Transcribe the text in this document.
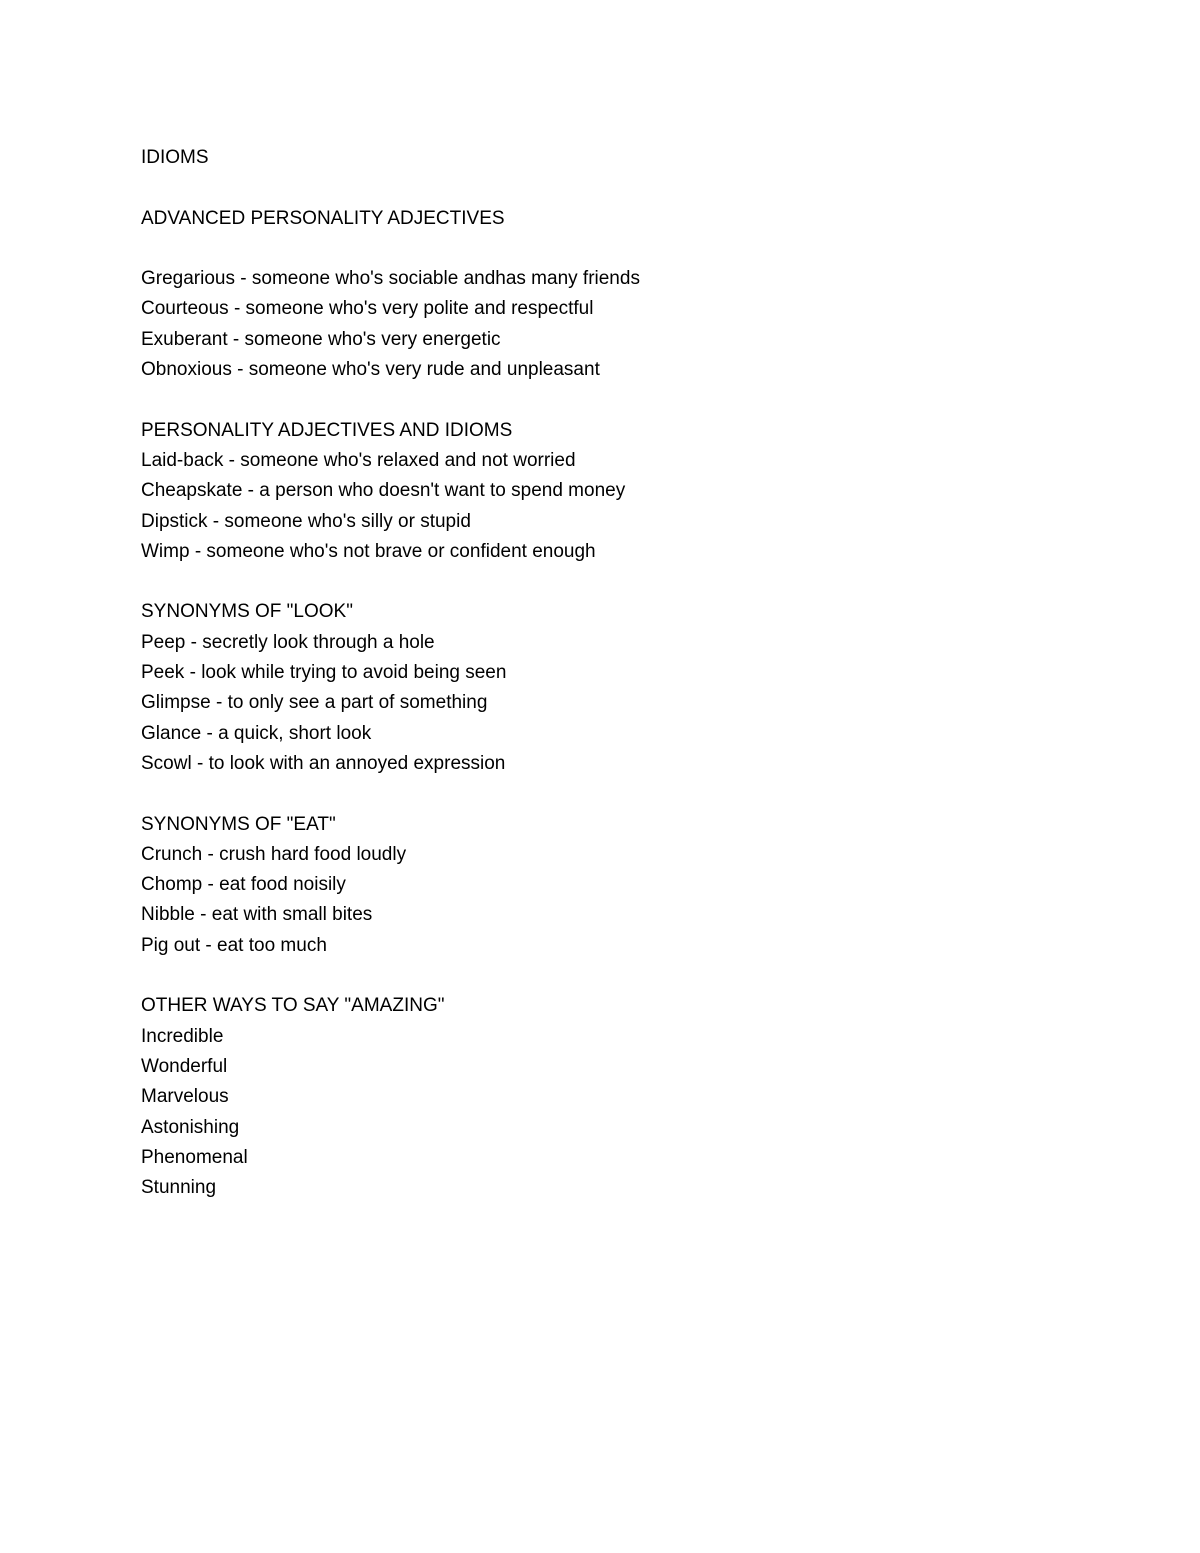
IDIOMS
ADVANCED PERSONALITY ADJECTIVES
Gregarious - someone who's sociable andhas many friends
Courteous - someone who's very polite and respectful
Exuberant - someone who's very energetic
Obnoxious - someone who's very rude and unpleasant
PERSONALITY ADJECTIVES AND IDIOMS
Laid-back - someone who's relaxed and not worried
Cheapskate - a person who doesn't want to spend money
Dipstick - someone who's silly or stupid
Wimp - someone who's not brave or confident enough
SYNONYMS OF "LOOK"
Peep - secretly look through a hole
Peek - look while trying to avoid being seen
Glimpse - to only see a part of something
Glance - a quick, short look
Scowl - to look with an annoyed expression
SYNONYMS OF "EAT"
Crunch - crush hard food loudly
Chomp - eat food noisily
Nibble - eat with small bites
Pig out - eat too much
OTHER WAYS TO SAY "AMAZING"
Incredible
Wonderful
Marvelous
Astonishing
Phenomenal
Stunning
